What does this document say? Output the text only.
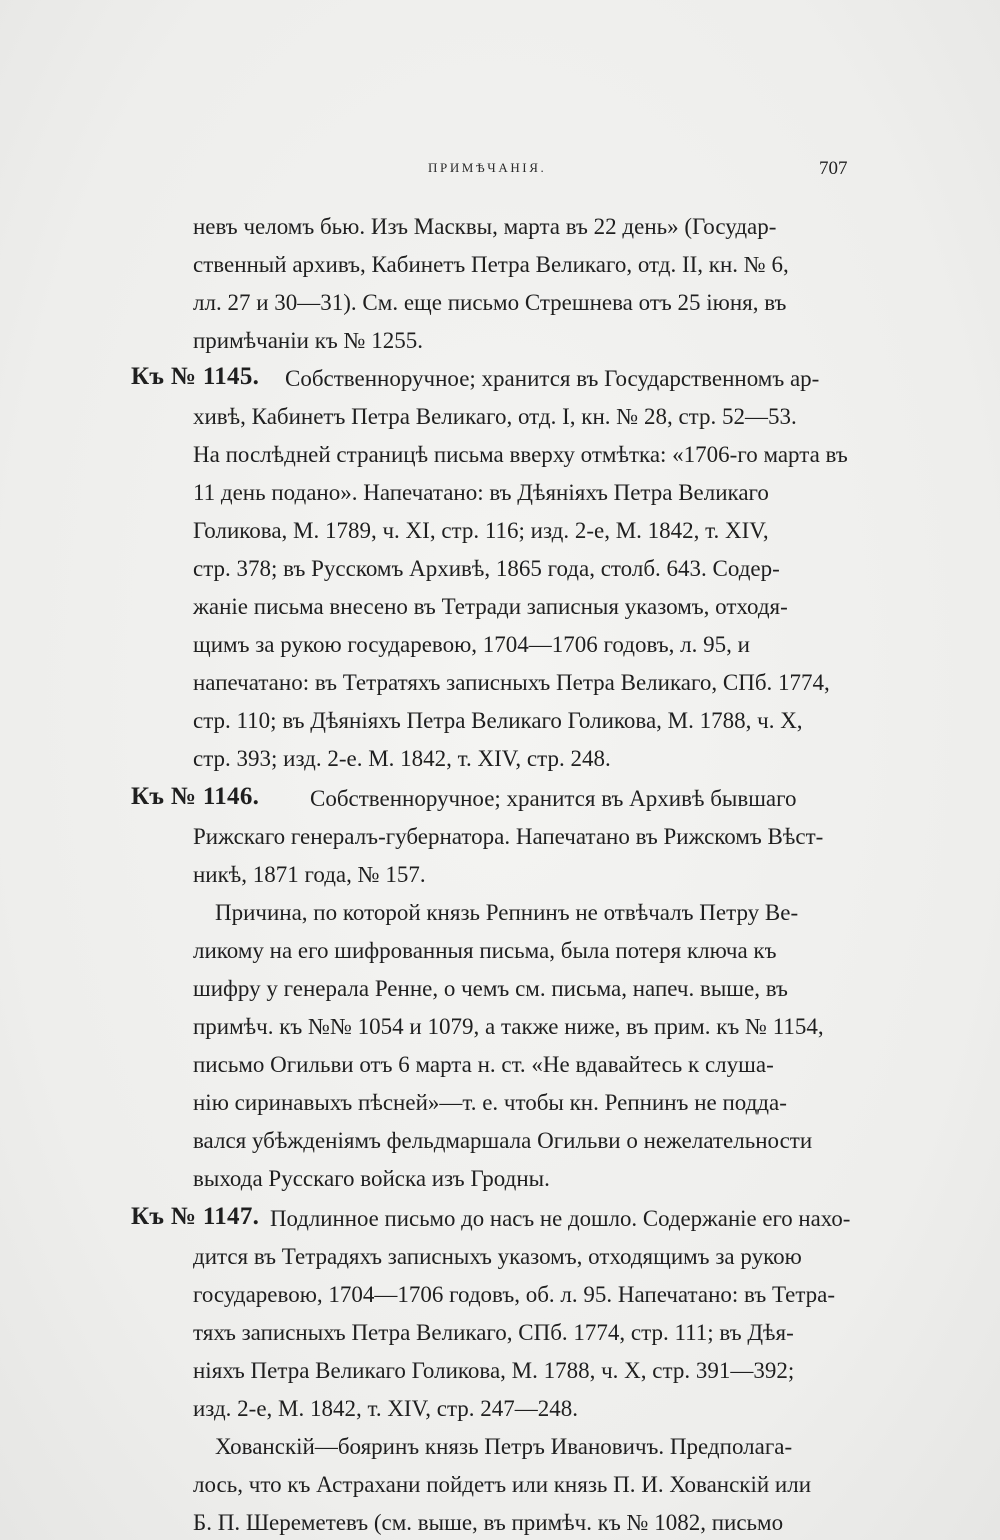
ПРИМѢЧАНІЯ.	707
невъ челомъ бью. Изъ Масквы, марта въ 22 день» (Государ-
ственный архивъ, Кабинетъ Петра Великаго, отд. II, кн. № 6,
лл. 27 и 30—31). См. еще письмо Стрешнева отъ 25 іюня, въ
примѣчаніи къ № 1255.
Къ № 1145. Собственноручное; хранится въ Государственномъ ар-
хивѣ, Кабинетъ Петра Великаго, отд. I, кн. № 28, стр. 52—53.
На послѣдней страницѣ письма вверху отмѣтка: «1706-го марта въ
11 день подано». Напечатано: въ Дѣяніяхъ Петра Великаго
Голикова, М. 1789, ч. XI, стр. 116; изд. 2-е, М. 1842, т. XIV,
стр. 378; въ Русскомъ Архивѣ, 1865 года, столб. 643. Содер-
жаніе письма внесено въ Тетради записныя указомъ, отходя-
щимъ за рукою государевою, 1704—1706 годовъ, л. 95, и
напечатано: въ Тетратяхъ записныхъ Петра Великаго, СПб. 1774,
стр. 110; въ Дѣяніяхъ Петра Великаго Голикова, М. 1788, ч. X,
стр. 393; изд. 2-е. М. 1842, т. XIV, стр. 248.
Къ № 1146. Собственноручное; хранится въ Архивѣ бывшаго
Рижскаго генералъ-губернатора. Напечатано въ Рижскомъ Вѣст-
никѣ, 1871 года, № 157.
Причина, по которой князь Репнинъ не отвѣчалъ Петру Ве-
ликому на его шифрованныя письма, была потеря ключа къ
шифру у генерала Ренне, о чемъ см. письма, напеч. выше, въ
примѣч. къ №№ 1054 и 1079, а также ниже, въ прим. къ № 1154,
письмо Огильви отъ 6 марта н. ст. «Не вдавайтесь к слуша-
нію сиринавыхъ пѣсней»—т. е. чтобы кн. Репнинъ не подда-
вался убѣжденіямъ фельдмаршала Огильви о нежелательности
выхода Русскаго войска изъ Гродны.
Къ № 1147. Подлинное письмо до насъ не дошло. Содержаніе его нахо-
дится въ Тетрадяхъ записныхъ указомъ, отходящимъ за рукою
государевою, 1704—1706 годовъ, об. л. 95. Напечатано: въ Тетра-
тяхъ записныхъ Петра Великаго, СПб. 1774, стр. 111; въ Дѣя-
ніяхъ Петра Великаго Голикова, М. 1788, ч. X, стр. 391—392;
изд. 2-е, М. 1842, т. XIV, стр. 247—248.
Хованскій—бояринъ князь Петръ Ивановичъ. Предполага-
лось, что къ Астрахани пойдетъ или князь П. И. Хованскій или
Б. П. Шереметевъ (см. выше, въ примѣч. къ № 1082, письмо
